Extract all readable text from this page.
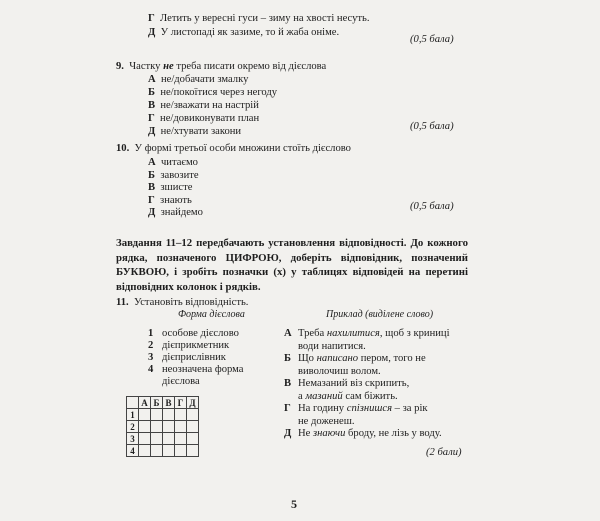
Г Летить у вересні гуси – зиму на хвості несуть.
Д У листопаді як зазиме, то й жаба оніме.
(0,5 бала)
9. Частку не треба писати окремо від дієслова
А не/добачати змалку
Б не/покоїтися через негоду
В не/зважати на настрій
Г не/довиконувати план
Д не/хтувати закони	(0,5 бала)
10. У формі третьої особи множини стоїть дієслово
А читаємо
Б завозите
В зшисте
Г знають
Д знайдемо
(0,5 бала)
Завдання 11–12 передбачають установлення відповідності. До кожного рядка, позначеного ЦИФРОЮ, доберіть відповідник, позначений БУКВОЮ, і зробіть позначки (х) у таблицях відповідей на перетині відповідних колонок і рядків.
11. Установіть відповідність.
Форма дієслова	Приклад (виділене слово)
1 особове дієслово
2 дієприкметник
3 дієприслівник
4 неозначена форма
дієслова
А Треба нахилитися, щоб з криниці
води напитися.
Б Що написано пером, того не
виволочиш волом.
В Немазаний віз скрипить,
а мазаний сам біжить.
Г На годину спізнишся – за рік
не доженеш.
Д Не знаючи броду, не лізь у воду.
	А	Б	В	Г	Д
1					
2					
3					
4						(2 бали)
5
